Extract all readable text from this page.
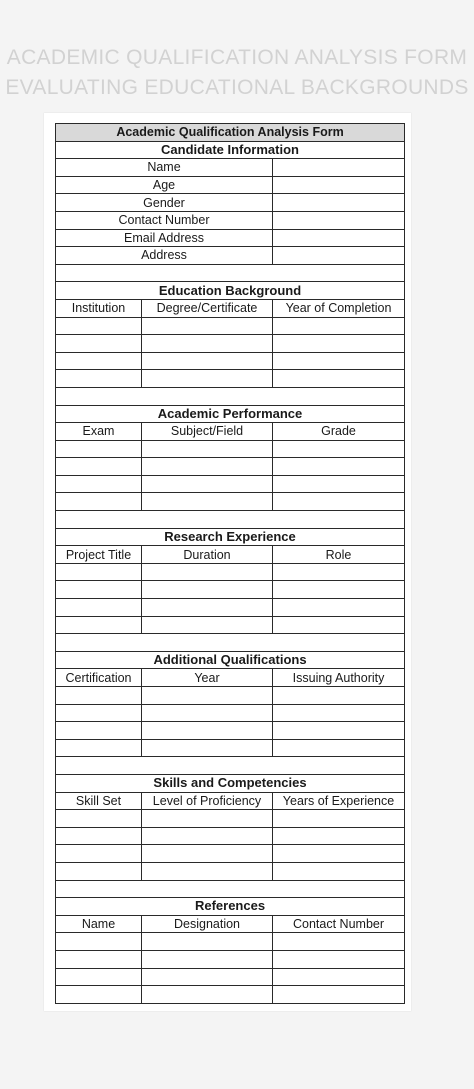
ACADEMIC QUALIFICATION ANALYSIS FORM
EVALUATING EDUCATIONAL BACKGROUNDS
Academic Qualification Analysis Form		
Candidate Information		
Name		
Age		
Gender		
Contact Number		
Email Address		
Address		

Education Background		
Institution	Degree/Certificate	Year of Completion

Academic Performance		
Exam	Subject/Field	Grade

Research Experience		
Project Title	Duration	Role

Additional Qualifications		
Certification	Year	Issuing Authority

Skills and Competencies		
Skill Set	Level of Proficiency	Years of Experience

References		
Name	Designation	Contact Number
